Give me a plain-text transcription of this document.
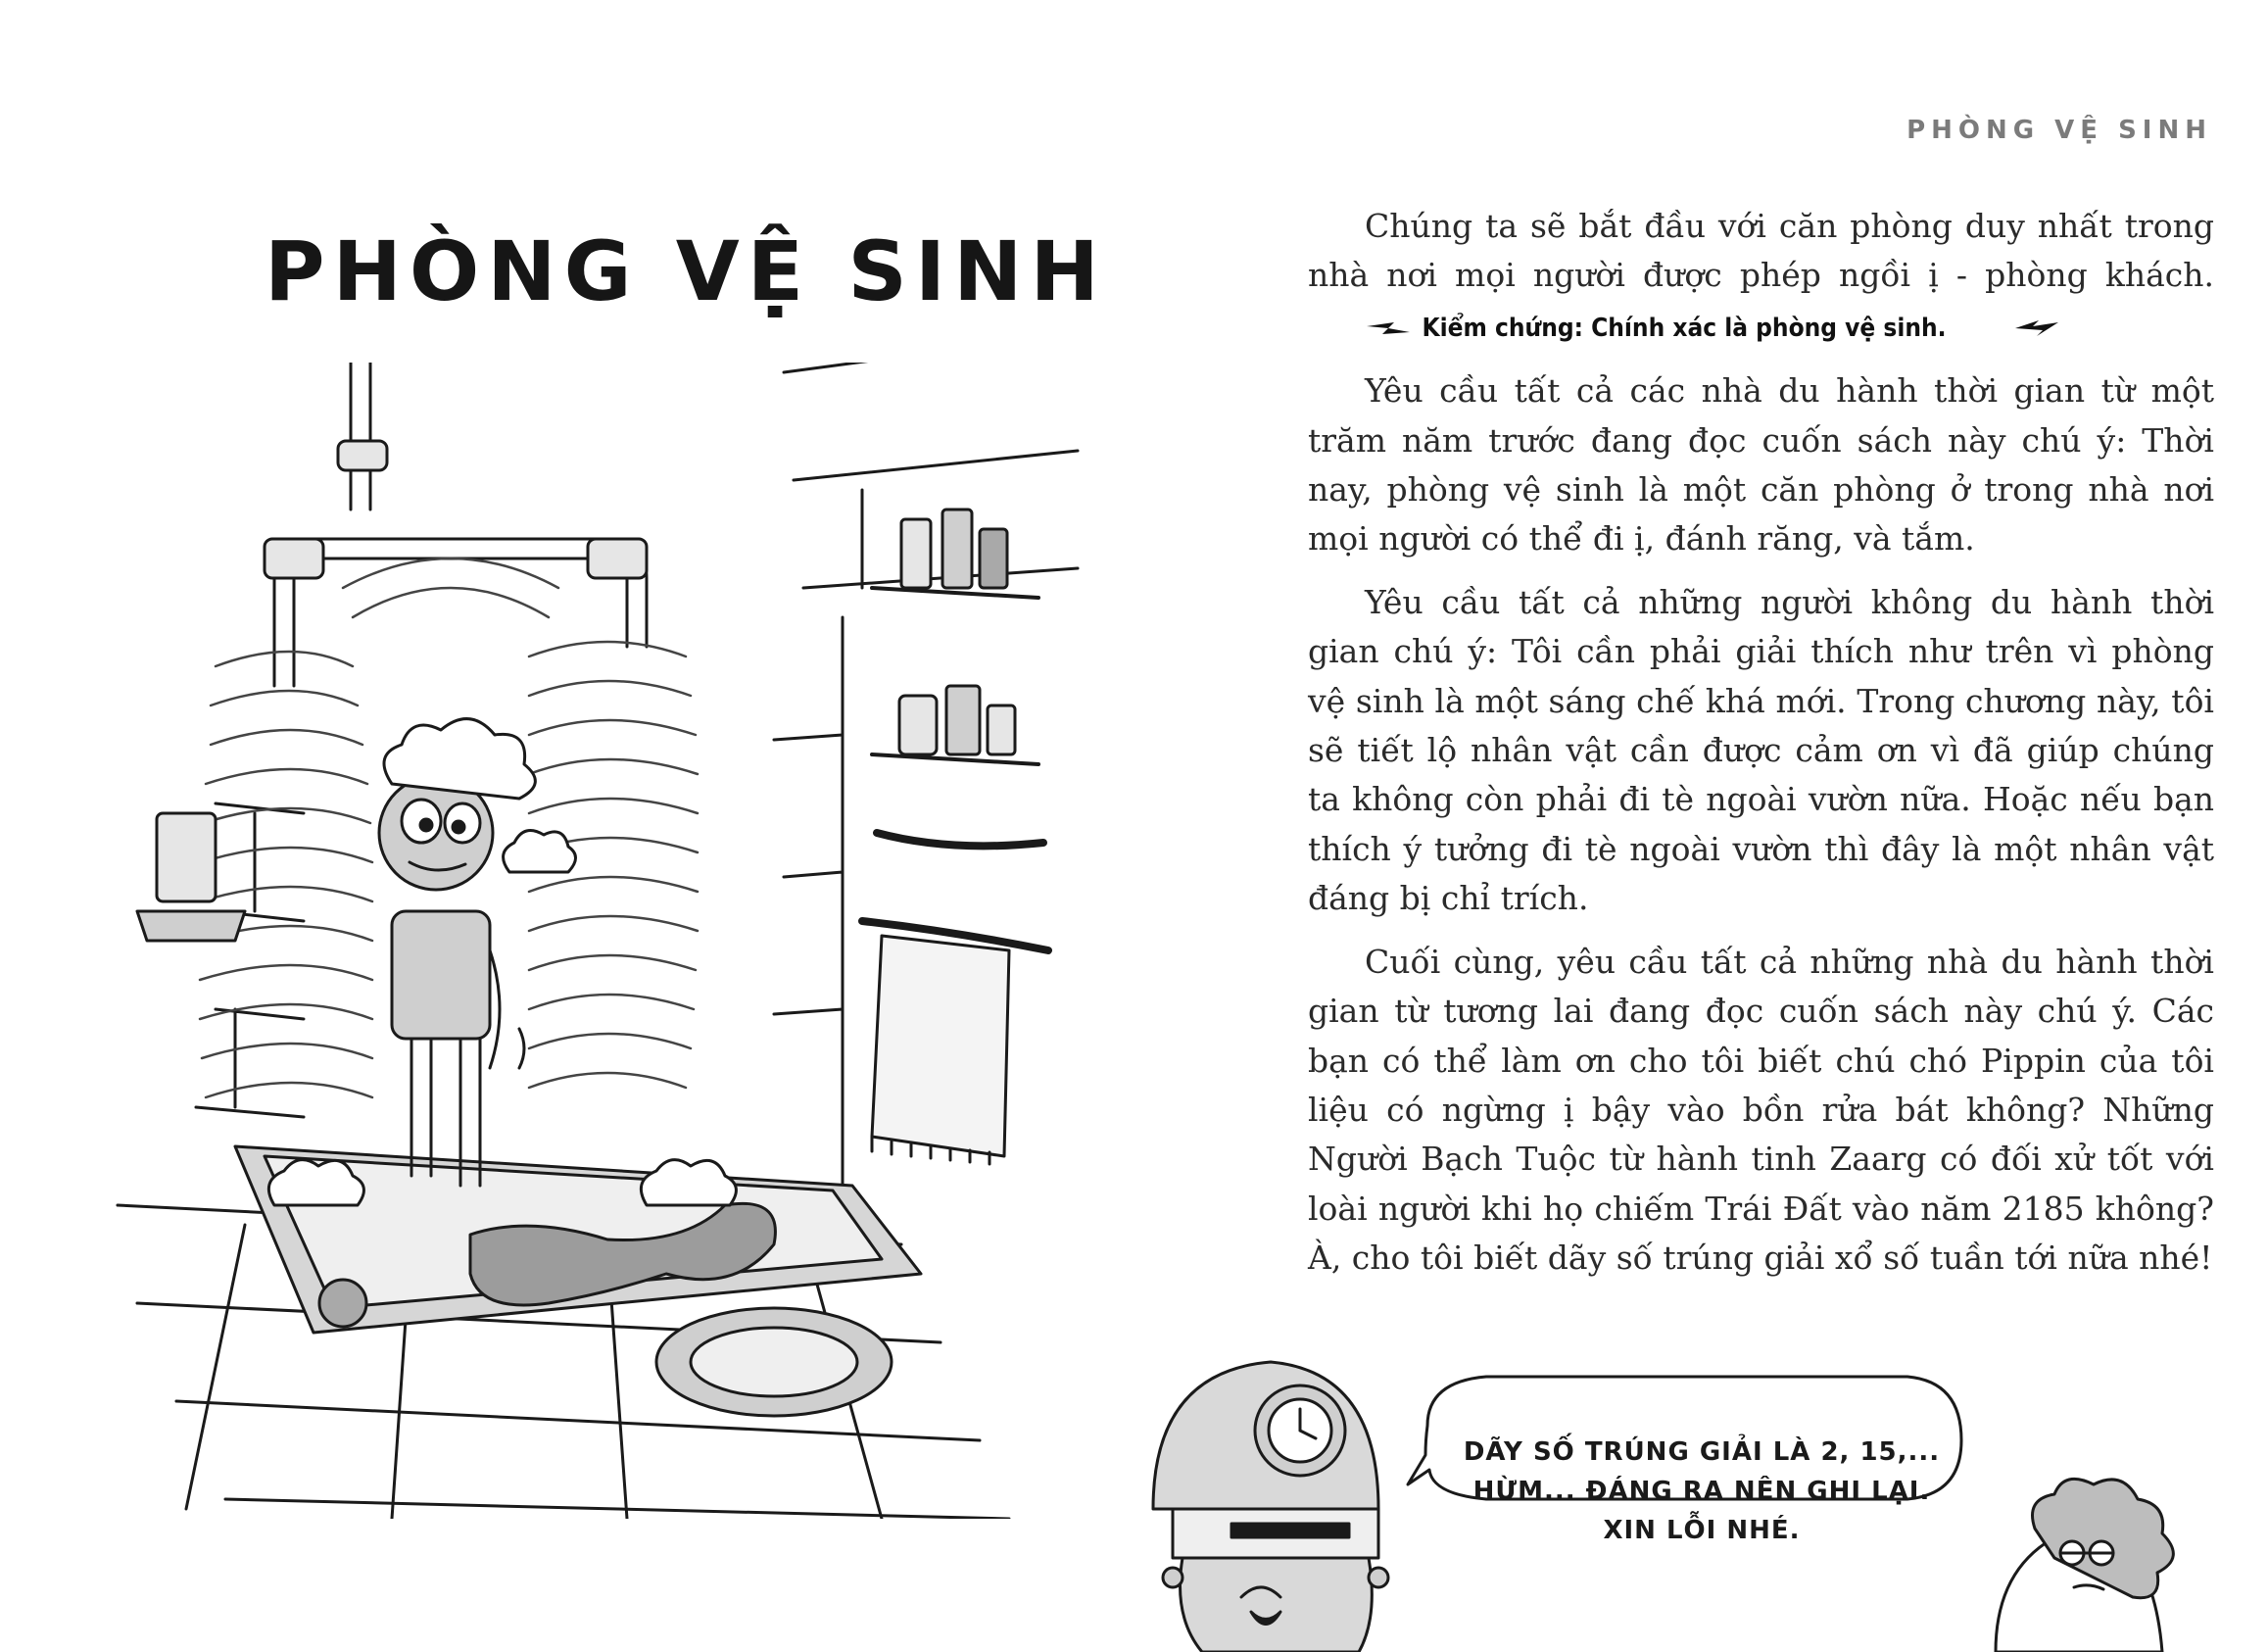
PHÒNG VỆ SINH
PHÒNG VỆ SINH

Chúng ta sẽ bắt đầu với căn phòng duy nhất trong nhà nơi mọi người được phép ngồi ị - phòng khách.  Kiểm chứng: Chính xác là phòng vệ sinh.

Yêu cầu tất cả các nhà du hành thời gian từ một trăm năm trước đang đọc cuốn sách này chú ý: Thời nay, phòng vệ sinh là một căn phòng ở trong nhà nơi mọi người có thể đi ị, đánh răng, và tắm.

Yêu cầu tất cả những người không du hành thời gian chú ý: Tôi cần phải giải thích như trên vì phòng vệ sinh là một sáng chế khá mới. Trong chương này, tôi sẽ tiết lộ nhân vật cần được cảm ơn vì đã giúp chúng ta không còn phải đi tè ngoài vườn nữa. Hoặc nếu bạn thích ý tưởng đi tè ngoài vườn thì đây là một nhân vật đáng bị chỉ trích.

Cuối cùng, yêu cầu tất cả những nhà du hành thời gian từ tương lai đang đọc cuốn sách này chú ý. Các bạn có thể làm ơn cho tôi biết chú chó Pippin của tôi liệu có ngừng ị bậy vào bồn rửa bát không? Những Người Bạch Tuộc từ hành tinh Zaarg có đối xử tốt với loài người khi họ chiếm Trái Đất vào năm 2185 không? À, cho tôi biết dãy số trúng giải xổ số tuần tới nữa nhé!

DÃY SỐ TRÚNG GIẢI LÀ 2, 15,...
HỪM... ĐÁNG RA NÊN GHI LẠI.
XIN LỖI NHÉ.
